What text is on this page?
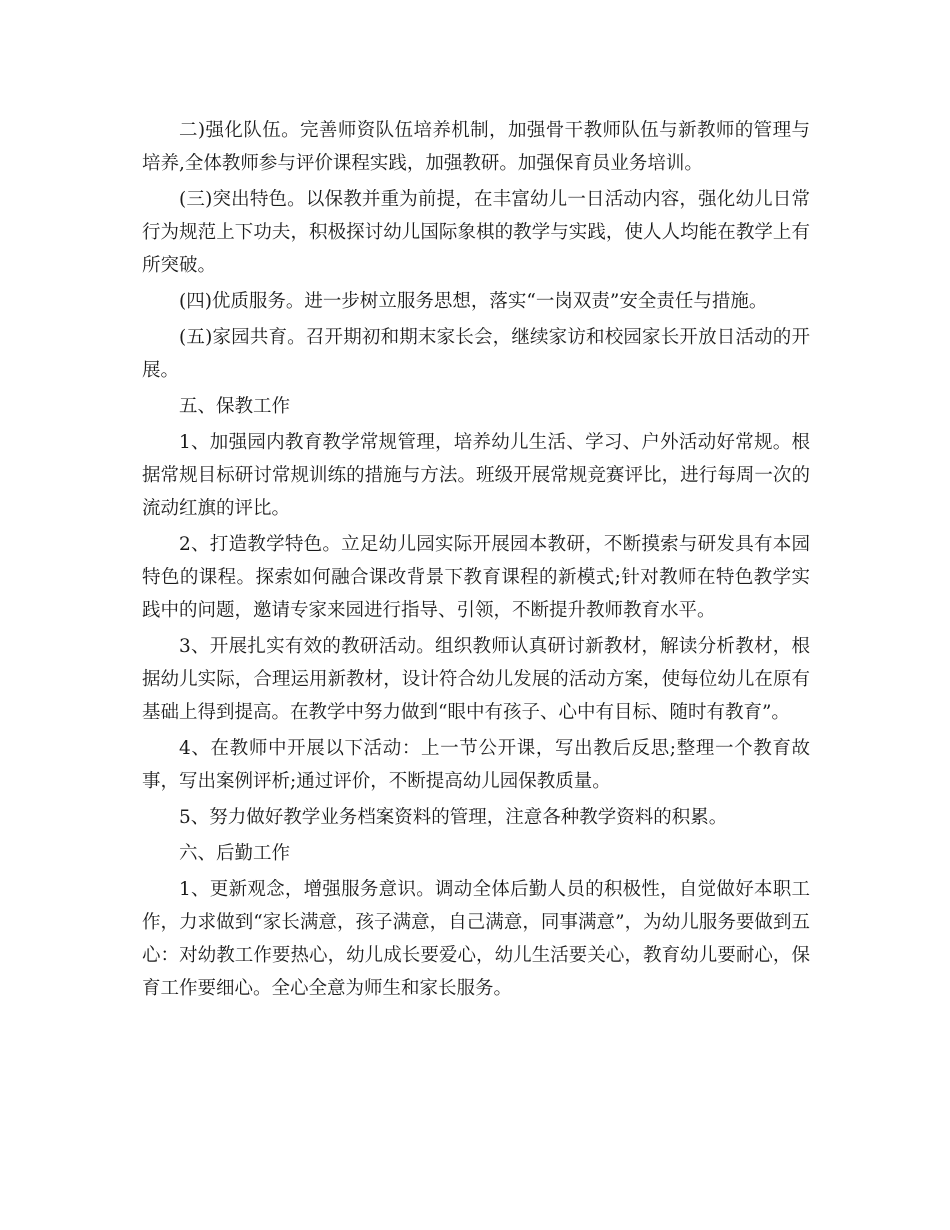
二)强化队伍。完善师资队伍培养机制，加强骨干教师队伍与新教师的管理与培养,全体教师参与评价课程实践，加强教研。加强保育员业务培训。

(三)突出特色。以保教并重为前提，在丰富幼儿一日活动内容，强化幼儿日常行为规范上下功夫，积极探讨幼儿国际象棋的教学与实践，使人人均能在教学上有所突破。

(四)优质服务。进一步树立服务思想，落实“一岗双责”安全责任与措施。

(五)家园共育。召开期初和期末家长会，继续家访和校园家长开放日活动的开展。

五、保教工作

1、加强园内教育教学常规管理，培养幼儿生活、学习、户外活动好常规。根据常规目标研讨常规训练的措施与方法。班级开展常规竞赛评比，进行每周一次的流动红旗的评比。

2、打造教学特色。立足幼儿园实际开展园本教研，不断摸索与研发具有本园特色的课程。探索如何融合课改背景下教育课程的新模式;针对教师在特色教学实践中的问题，邀请专家来园进行指导、引领，不断提升教师教育水平。

3、开展扎实有效的教研活动。组织教师认真研讨新教材，解读分析教材，根据幼儿实际，合理运用新教材，设计符合幼儿发展的活动方案，使每位幼儿在原有基础上得到提高。在教学中努力做到“眼中有孩子、心中有目标、随时有教育”。

4、在教师中开展以下活动：上一节公开课，写出教后反思;整理一个教育故事，写出案例评析;通过评价，不断提高幼儿园保教质量。

5、努力做好教学业务档案资料的管理，注意各种教学资料的积累。

六、后勤工作

1、更新观念，增强服务意识。调动全体后勤人员的积极性，自觉做好本职工作，力求做到“家长满意，孩子满意，自己满意，同事满意”，为幼儿服务要做到五心：对幼教工作要热心，幼儿成长要爱心，幼儿生活要关心，教育幼儿要耐心，保育工作要细心。全心全意为师生和家长服务。
